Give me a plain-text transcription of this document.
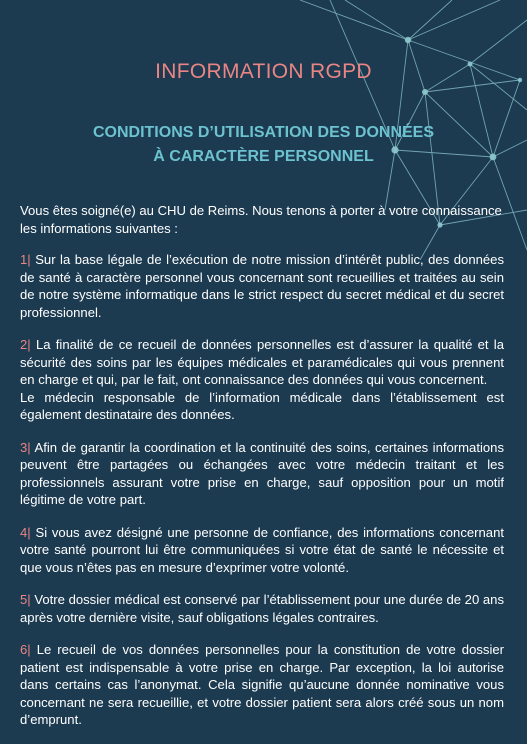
INFORMATION RGPD
CONDITIONS D’UTILISATION DES DONNÉES
À CARACTÈRE PERSONNEL

Vous êtes soigné(e) au CHU de Reims. Nous tenons à porter à votre connaissance les informations suivantes :

1| Sur la base légale de l’exécution de notre mission d’intérêt public, des données de santé à caractère personnel vous concernant sont recueillies et traitées au sein de notre système informatique dans le strict respect du secret médical et du secret professionnel.

2| La finalité de ce recueil de données personnelles est d’assurer la qualité et la sécurité des soins par les équipes médicales et paramédicales qui vous prennent en charge et qui, par le fait, ont connaissance des données qui vous concernent.
Le médecin responsable de l’information médicale dans l’établissement est également destinataire des données.

3| Afin de garantir la coordination et la continuité des soins, certaines informations peuvent être partagées ou échangées avec votre médecin traitant et les professionnels assurant votre prise en charge, sauf opposition pour un motif légitime de votre part.

4| Si vous avez désigné une personne de confiance, des informations concernant votre santé pourront lui être communiquées si votre état de santé le nécessite et que vous n’êtes pas en mesure d’exprimer votre volonté.

5| Votre dossier médical est conservé par l’établissement pour une durée de 20 ans après votre dernière visite, sauf obligations légales contraires.

6| Le recueil de vos données personnelles pour la constitution de votre dossier patient est indispensable à votre prise en charge. Par exception, la loi autorise dans certains cas l’anonymat. Cela signifie qu’aucune donnée nominative vous concernant ne sera recueillie, et votre dossier patient sera alors créé sous un nom d’emprunt.
